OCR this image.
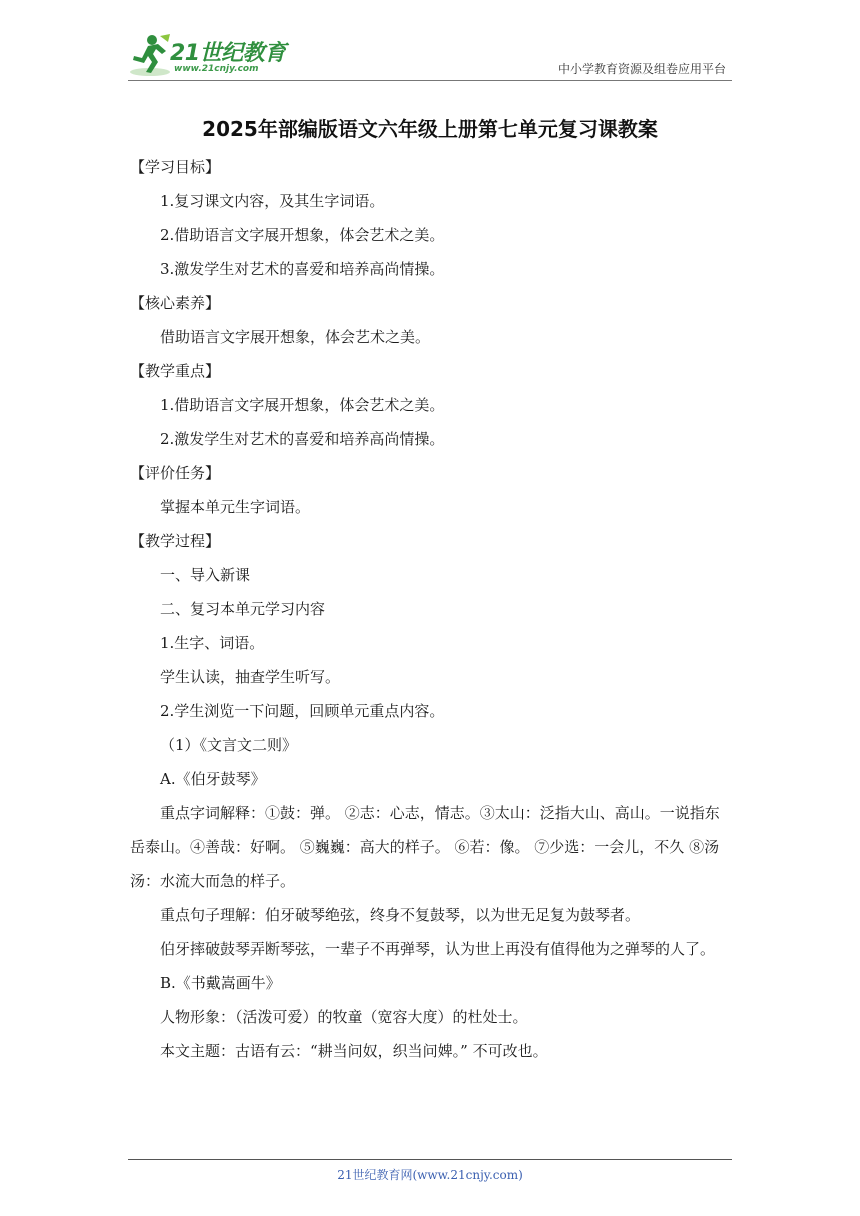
21世纪教育
www.21cnjy.com	中小学教育资源及组卷应用平台
2025年部编版语文六年级上册第七单元复习课教案
【学习目标】
1.复习课文内容，及其生字词语。
2.借助语言文字展开想象，体会艺术之美。
3.激发学生对艺术的喜爱和培养高尚情操。
【核心素养】
借助语言文字展开想象，体会艺术之美。
【教学重点】
1.借助语言文字展开想象，体会艺术之美。
2.激发学生对艺术的喜爱和培养高尚情操。
【评价任务】
掌握本单元生字词语。
【教学过程】
一、导入新课
二、复习本单元学习内容
1.生字、词语。
学生认读，抽查学生听写。
2.学生浏览一下问题，回顾单元重点内容。
（1）《文言文二则》
A.《伯牙鼓琴》
重点字词解释：①鼓：弹。 ②志：心志，情志。③太山：泛指大山、高山。一说指东岳泰山。④善哉：好啊。 ⑤巍巍：高大的样子。 ⑥若：像。 ⑦少选：一会儿，不久 ⑧汤汤：水流大而急的样子。
重点句子理解：伯牙破琴绝弦，终身不复鼓琴，以为世无足复为鼓琴者。
伯牙摔破鼓琴弄断琴弦，一辈子不再弹琴，认为世上再没有值得他为之弹琴的人了。
B.《书戴嵩画牛》
人物形象：（活泼可爱）的牧童（宽容大度）的杜处士。
本文主题：古语有云：“耕当问奴，织当问婢。” 不可改也。
21世纪教育网(www.21cnjy.com)
